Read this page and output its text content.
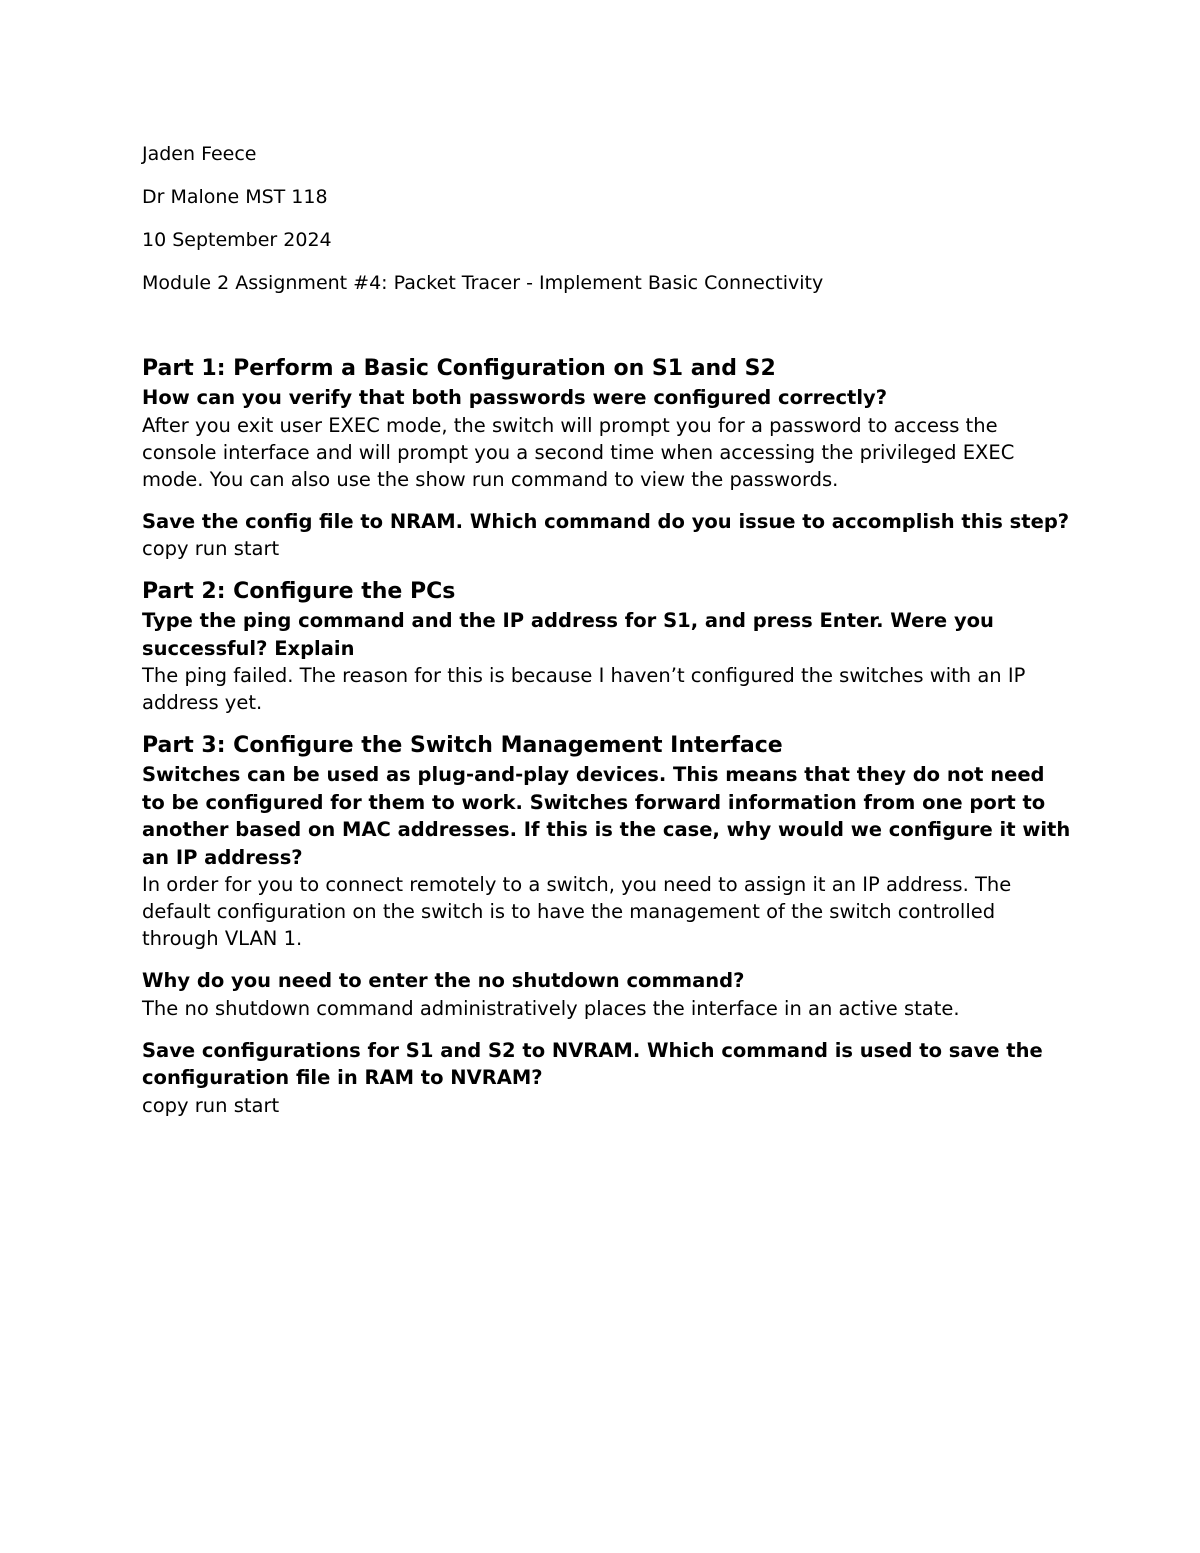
Jaden Feece

Dr Malone MST 118

10 September 2024

Module 2 Assignment #4: Packet Tracer - Implement Basic Connectivity

Part 1: Perform a Basic Configuration on S1 and S2

How can you verify that both passwords were configured correctly?

After you exit user EXEC mode, the switch will prompt you for a password to access the console interface and will prompt you a second time when accessing the privileged EXEC mode. You can also use the show run command to view the passwords.

Save the config file to NRAM. Which command do you issue to accomplish this step?

copy run start

Part 2: Configure the PCs

Type the ping command and the IP address for S1, and press Enter. Were you successful? Explain

The ping failed. The reason for this is because I haven’t configured the switches with an IP address yet.

Part 3: Configure the Switch Management Interface

Switches can be used as plug-and-play devices. This means that they do not need to be configured for them to work. Switches forward information from one port to another based on MAC addresses. If this is the case, why would we configure it with an IP address?

In order for you to connect remotely to a switch, you need to assign it an IP address. The default configuration on the switch is to have the management of the switch controlled through VLAN 1.

Why do you need to enter the no shutdown command?

The no shutdown command administratively places the interface in an active state.

Save configurations for S1 and S2 to NVRAM. Which command is used to save the configuration file in RAM to NVRAM?

copy run start
